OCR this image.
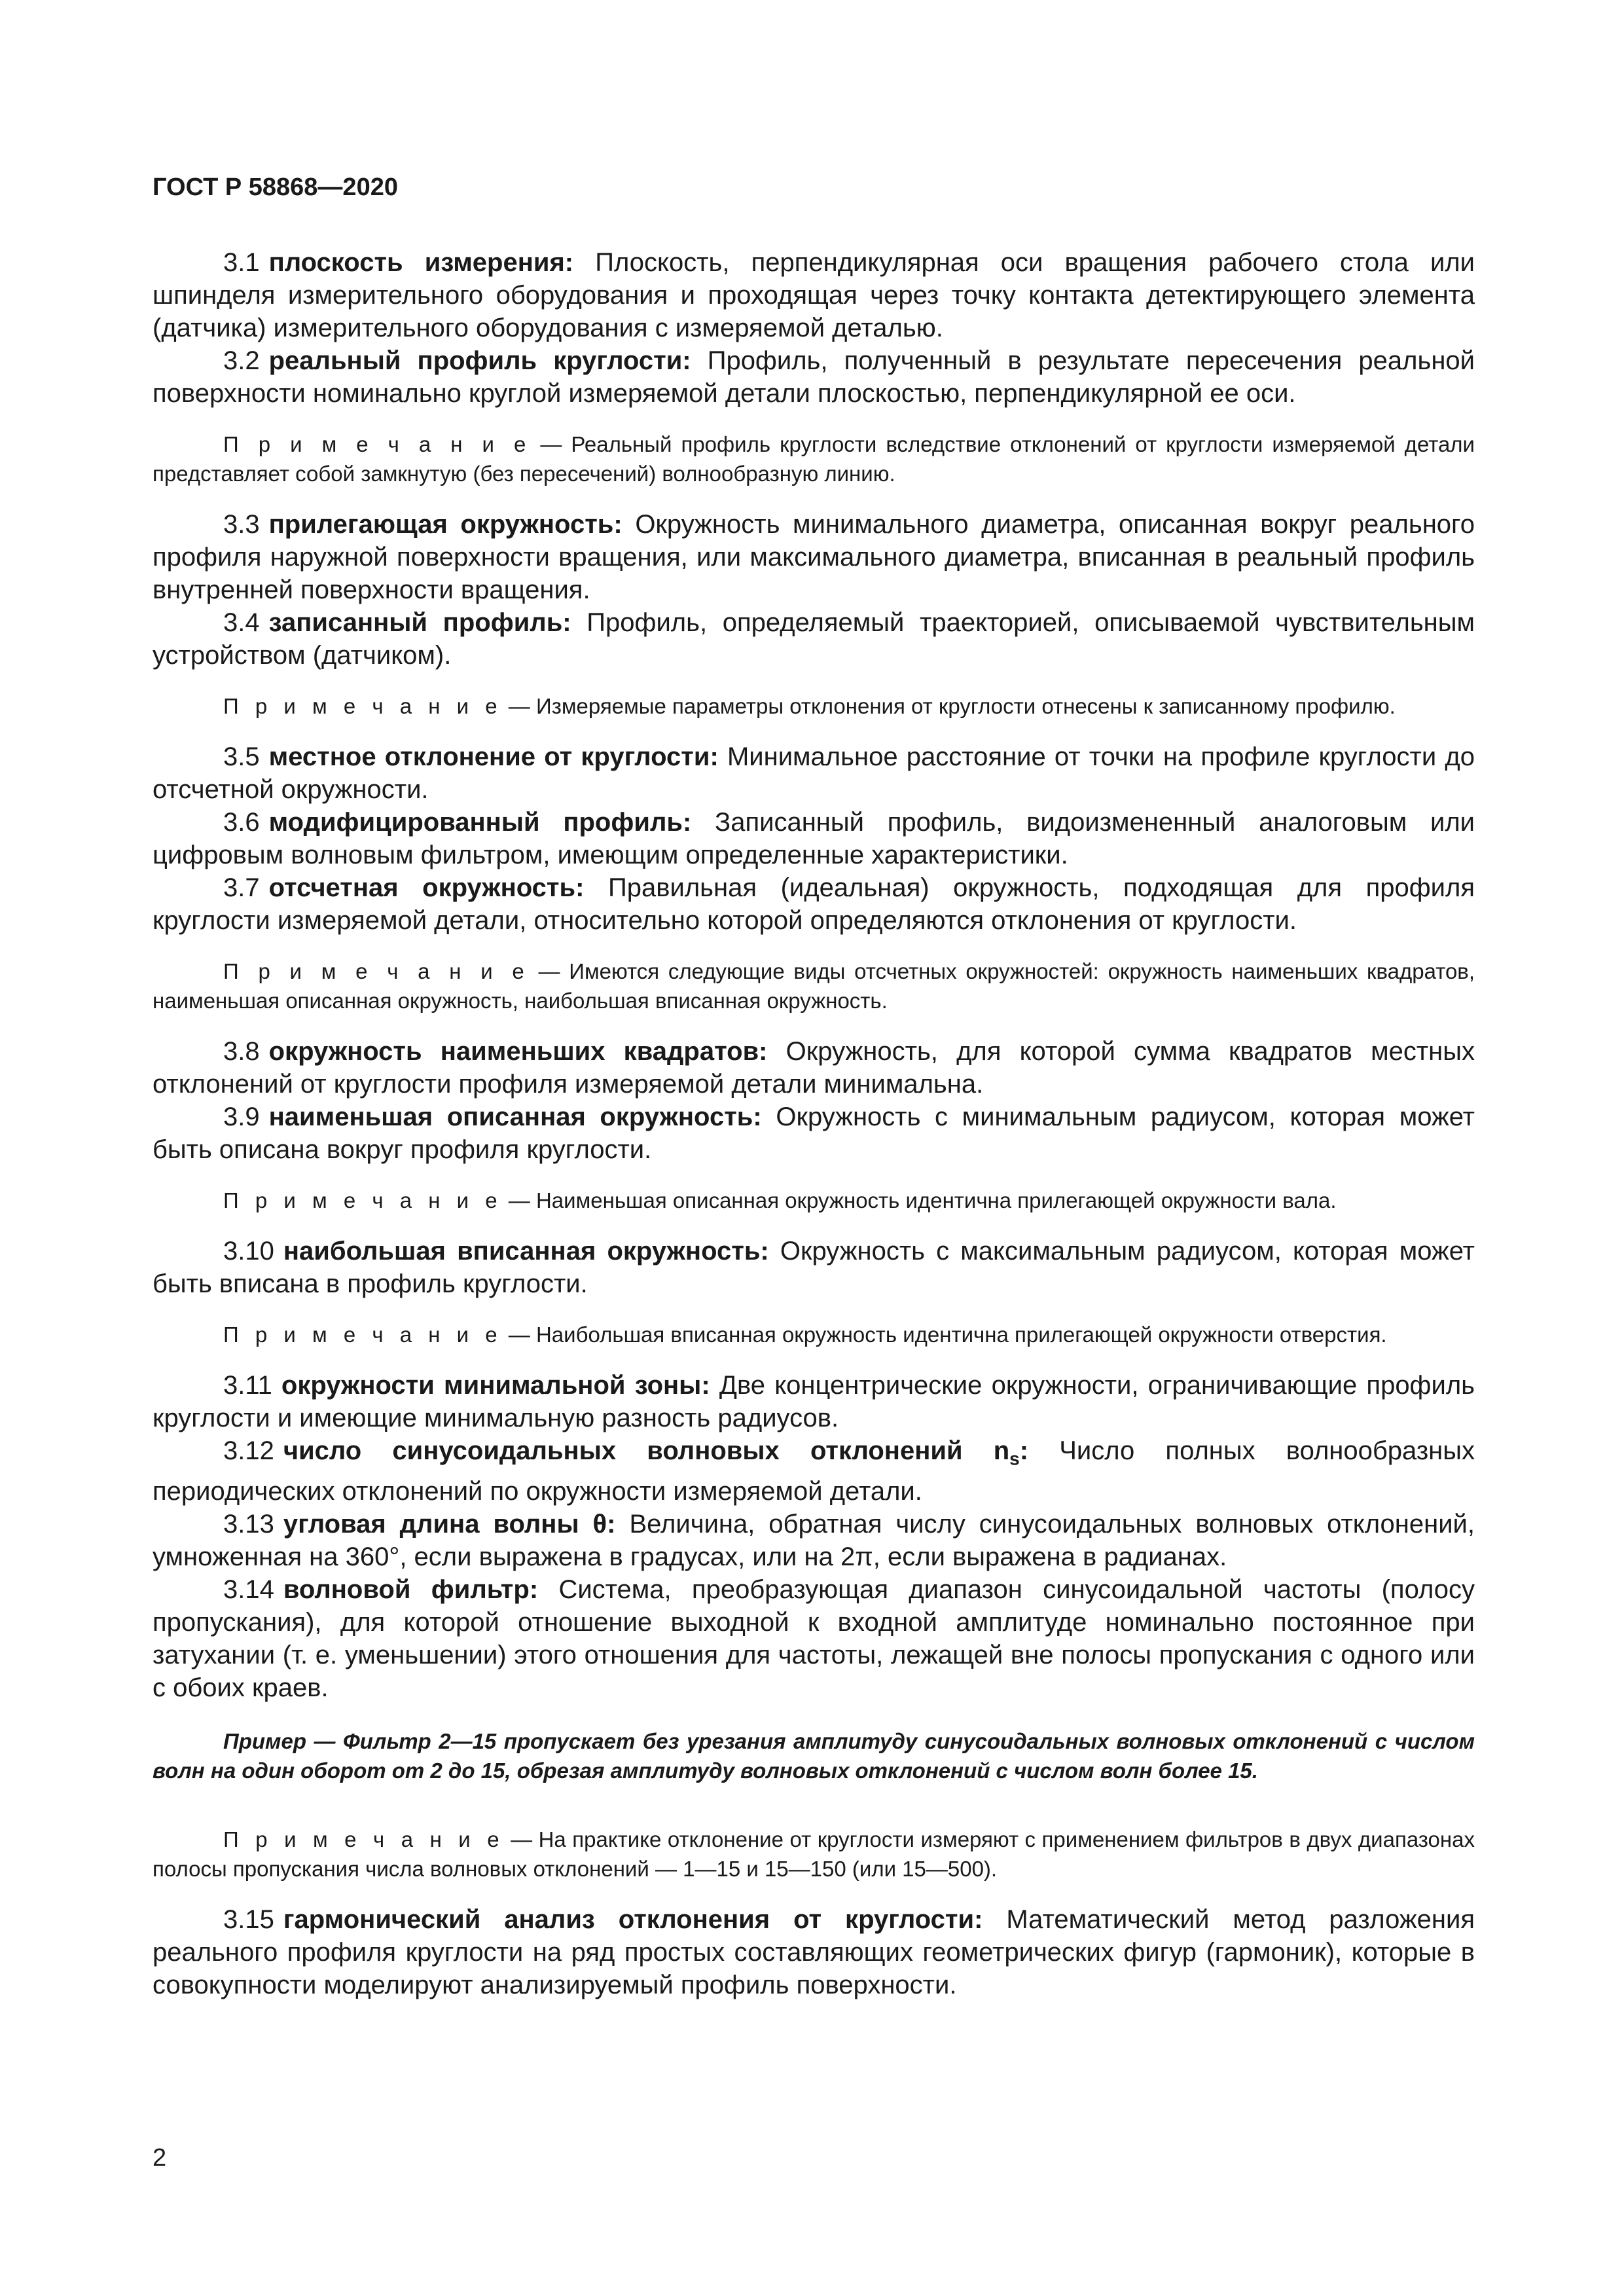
ГОСТ Р 58868—2020

3.1 плоскость измерения: Плоскость, перпендикулярная оси вращения рабочего стола или шпинделя измерительного оборудования и проходящая через точку контакта детектирующего элемента (датчика) измерительного оборудования с измеряемой деталью.

3.2 реальный профиль круглости: Профиль, полученный в результате пересечения реальной поверхности номинально круглой измеряемой детали плоскостью, перпендикулярной ее оси.

П р и м е ч а н и е — Реальный профиль круглости вследствие отклонений от круглости измеряемой детали представляет собой замкнутую (без пересечений) волнообразную линию.

3.3 прилегающая окружность: Окружность минимального диаметра, описанная вокруг реального профиля наружной поверхности вращения, или максимального диаметра, вписанная в реальный профиль внутренней поверхности вращения.

3.4 записанный профиль: Профиль, определяемый траекторией, описываемой чувствительным устройством (датчиком).

П р и м е ч а н и е — Измеряемые параметры отклонения от круглости отнесены к записанному профилю.

3.5 местное отклонение от круглости: Минимальное расстояние от точки на профиле круглости до отсчетной окружности.

3.6 модифицированный профиль: Записанный профиль, видоизмененный аналоговым или цифровым волновым фильтром, имеющим определенные характеристики.

3.7 отсчетная окружность: Правильная (идеальная) окружность, подходящая для профиля круглости измеряемой детали, относительно которой определяются отклонения от круглости.

П р и м е ч а н и е — Имеются следующие виды отсчетных окружностей: окружность наименьших квадратов, наименьшая описанная окружность, наибольшая вписанная окружность.

3.8 окружность наименьших квадратов: Окружность, для которой сумма квадратов местных отклонений от круглости профиля измеряемой детали минимальна.

3.9 наименьшая описанная окружность: Окружность с минимальным радиусом, которая может быть описана вокруг профиля круглости.

П р и м е ч а н и е — Наименьшая описанная окружность идентична прилегающей окружности вала.

3.10 наибольшая вписанная окружность: Окружность с максимальным радиусом, которая может быть вписана в профиль круглости.

П р и м е ч а н и е — Наибольшая вписанная окружность идентична прилегающей окружности отверстия.

3.11 окружности минимальной зоны: Две концентрические окружности, ограничивающие профиль круглости и имеющие минимальную разность радиусов.

3.12 число синусоидальных волновых отклонений $n_s$: Число полных волнообразных периодических отклонений по окружности измеряемой детали.

3.13 угловая длина волны θ: Величина, обратная числу синусоидальных волновых отклонений, умноженная на 360°, если выражена в градусах, или на 2π, если выражена в радианах.

3.14 волновой фильтр: Система, преобразующая диапазон синусоидальной частоты (полосу пропускания), для которой отношение выходной к входной амплитуде номинально постоянное при затухании (т. е. уменьшении) этого отношения для частоты, лежащей вне полосы пропускания с одного или с обоих краев.

Пример — Фильтр 2—15 пропускает без урезания амплитуду синусоидальных волновых отклонений с числом волн на один оборот от 2 до 15, обрезая амплитуду волновых отклонений с числом волн более 15.

П р и м е ч а н и е — На практике отклонение от круглости измеряют с применением фильтров в двух диапазонах полосы пропускания числа волновых отклонений — 1—15 и 15—150 (или 15—500).

3.15 гармонический анализ отклонения от круглости: Математический метод разложения реального профиля круглости на ряд простых составляющих геометрических фигур (гармоник), которые в совокупности моделируют анализируемый профиль поверхности.

2
